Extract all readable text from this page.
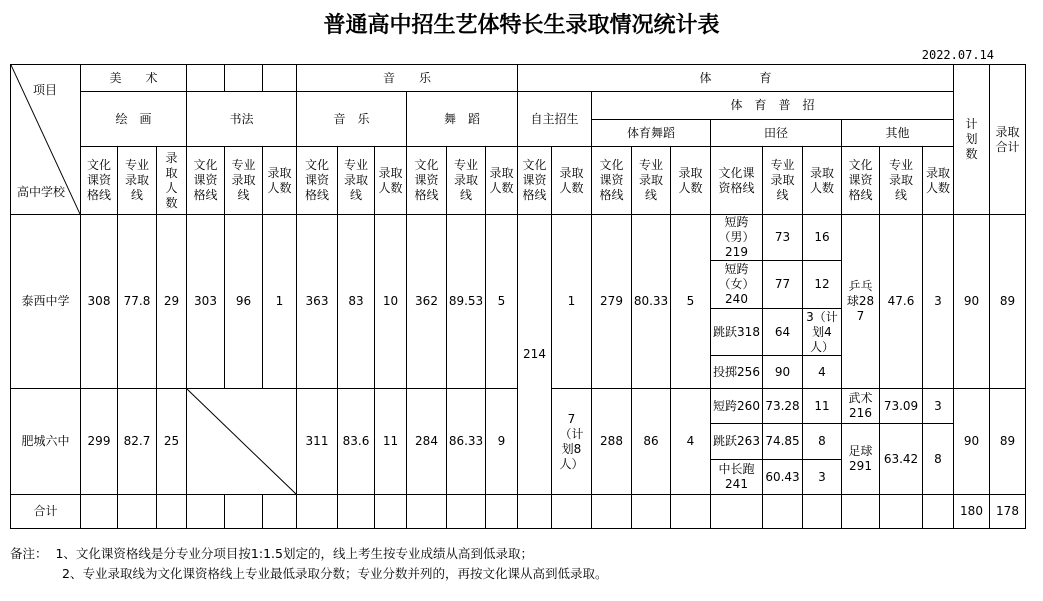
普通高中招生艺体特长生录取情况统计表
2022.07.14
项目
高中学校	美　　术						音　　乐						体　　　　育											计划数	录取合计
	绘　画			书法			音　乐			舞　蹈			自主招生		体　育　普　招										
															体育舞蹈			田径			其他				
	文化课资格线	专业录取线	录取人数	文化课资格线	专业录取线	录取人数	文化课资格线	专业录取线	录取人数	文化课资格线	专业录取线	录取人数	文化课资格线	录取人数	文化课资格线	专业录取线	录取人数	文化课资格线	专业录取线	录取人数	文化课资格线	专业录取线	录取人数		
泰西中学	308	77.8	29	303	96	1	363	83	10	362	89.53	5	214	1	279	80.33	5	短跨（男）219	73	16	乒乓球287	47.6	3	90	89
																		短跨（女）240	77	12					
																		跳跃318	64	3（计划4人）					
																		投掷256	90	4					
肥城六中	299	82.7	25				311	83.6	11	284	86.33	9		7（计划8人）	288	86	4	短跨260	73.28	11	武术216	73.09	3	90	89
																		跳跃263	74.85	8	足球291	63.42	8		
																		中长跑241	60.43	3					
合计																								180	178
备注： 1、文化课资格线是分专业分项目按1:1.5划定的，线上考生按专业成绩从高到低录取；
2、专业录取线为文化课资格线上专业最低录取分数；专业分数并列的，再按文化课从高到低录取。
